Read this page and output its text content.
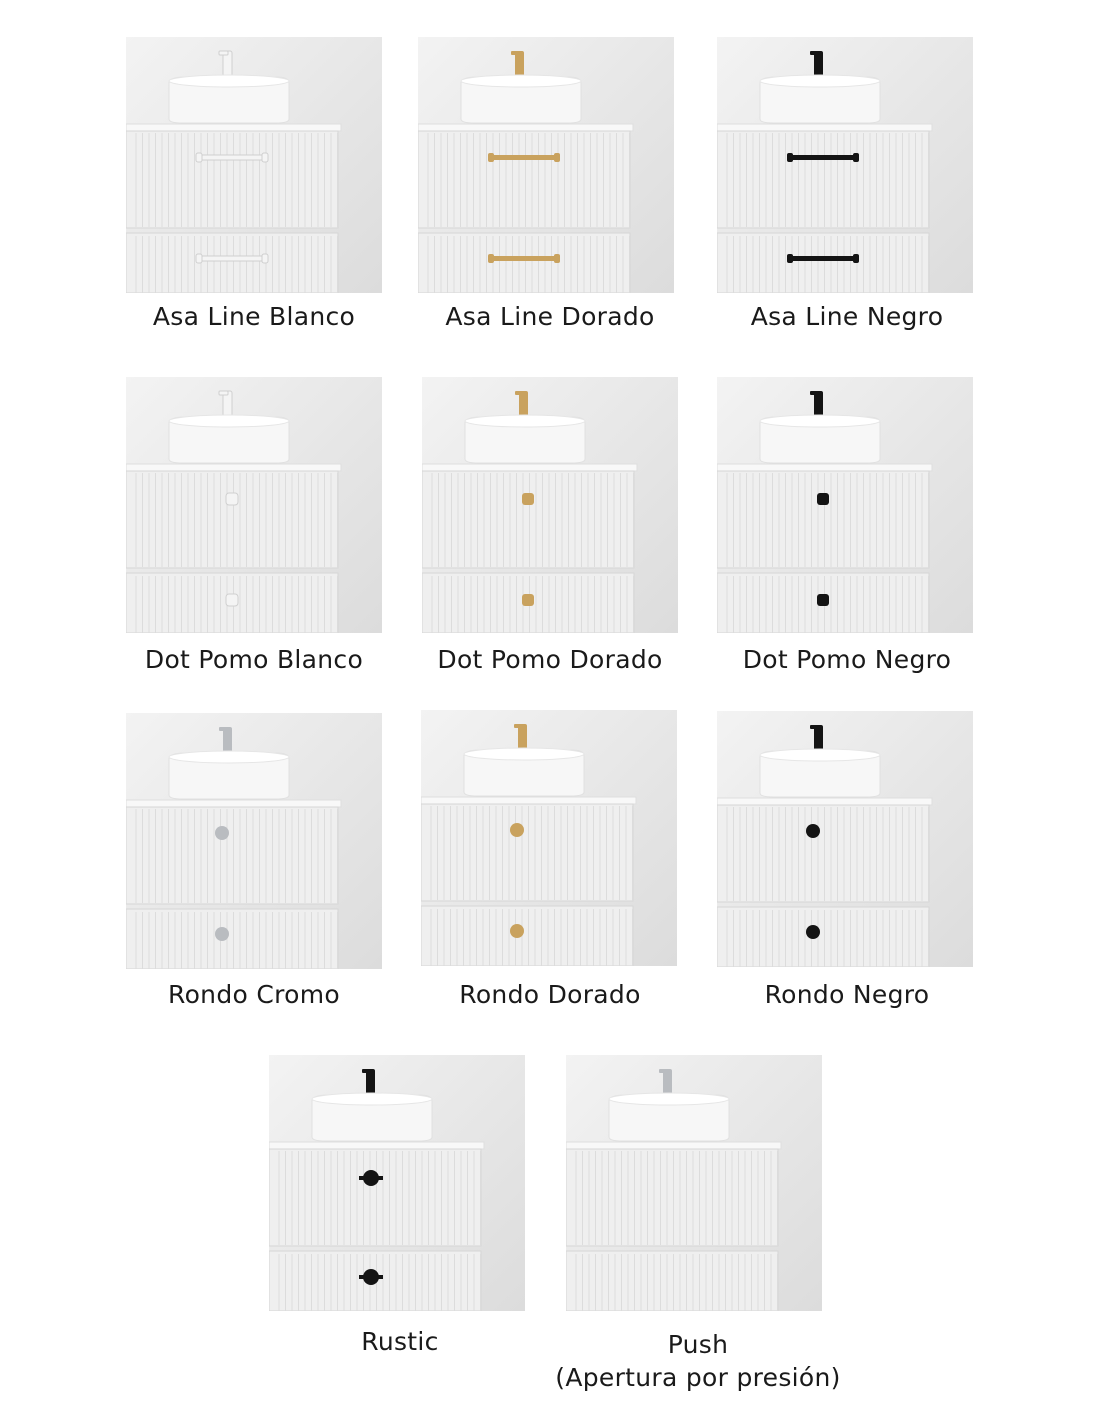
Asa Line Blanco	Asa Line Dorado	Asa Line Negro
Dot Pomo Blanco	Dot Pomo Dorado	Dot Pomo Negro
Rondo Cromo	Rondo Dorado	Rondo Negro
Rustic	Push
(Apertura por presión)
